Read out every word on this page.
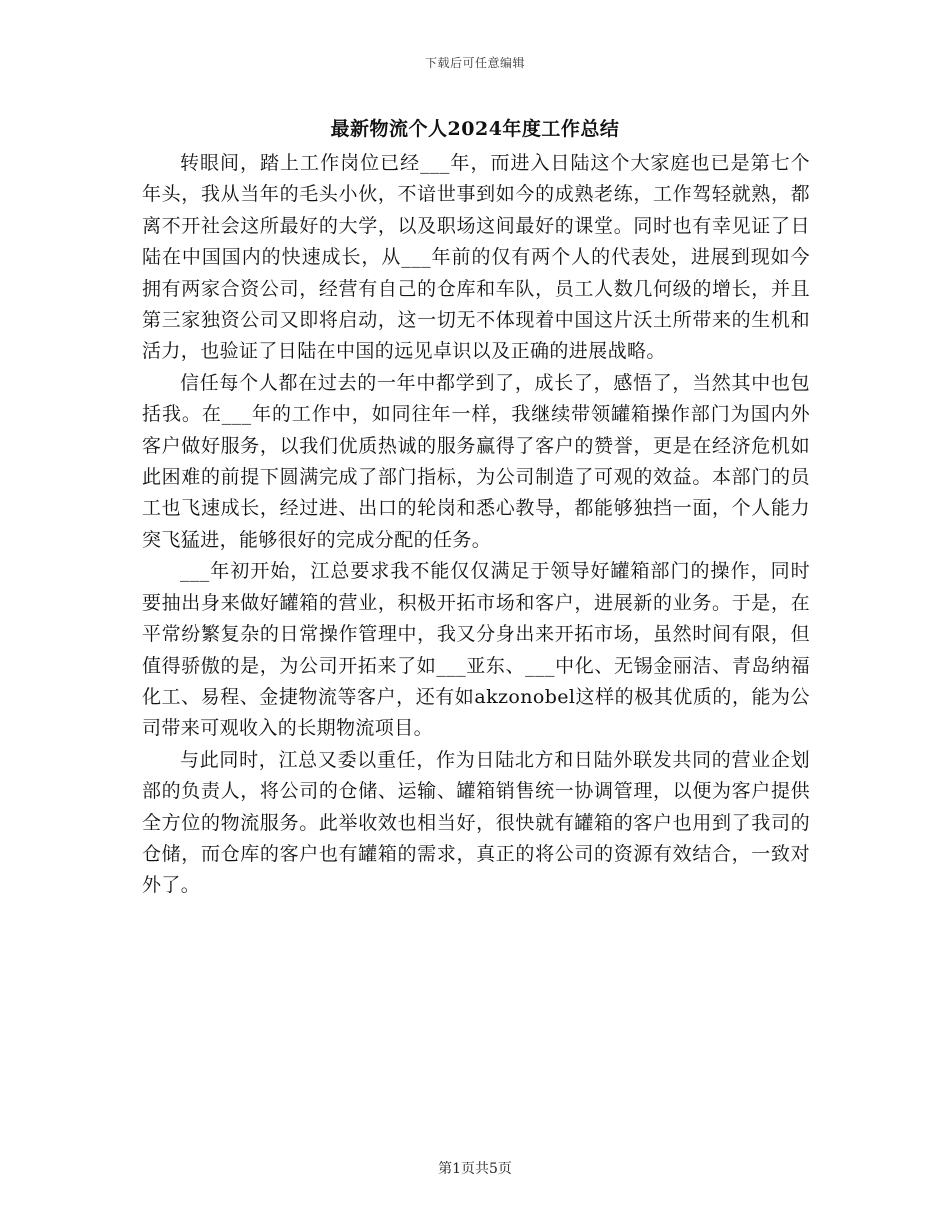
下载后可任意编辑
最新物流个人2024年度工作总结

转眼间，踏上工作岗位已经___年，而进入日陆这个大家庭也已是第七个年头，我从当年的毛头小伙，不谙世事到如今的成熟老练，工作驾轻就熟，都离不开社会这所最好的大学，以及职场这间最好的课堂。同时也有幸见证了日陆在中国国内的快速成长，从___年前的仅有两个人的代表处，进展到现如今拥有两家合资公司，经营有自己的仓库和车队，员工人数几何级的增长，并且第三家独资公司又即将启动，这一切无不体现着中国这片沃土所带来的生机和活力，也验证了日陆在中国的远见卓识以及正确的进展战略。

信任每个人都在过去的一年中都学到了，成长了，感悟了，当然其中也包括我。在___年的工作中，如同往年一样，我继续带领罐箱操作部门为国内外客户做好服务，以我们优质热诚的服务赢得了客户的赞誉，更是在经济危机如此困难的前提下圆满完成了部门指标，为公司制造了可观的效益。本部门的员工也飞速成长，经过进、出口的轮岗和悉心教导，都能够独挡一面，个人能力突飞猛进，能够很好的完成分配的任务。

___年初开始，江总要求我不能仅仅满足于领导好罐箱部门的操作，同时要抽出身来做好罐箱的营业，积极开拓市场和客户，进展新的业务。于是，在平常纷繁复杂的日常操作管理中，我又分身出来开拓市场，虽然时间有限，但值得骄傲的是，为公司开拓来了如___亚东、___中化、无锡金丽洁、青岛纳福化工、易程、金捷物流等客户，还有如akzonobel这样的极其优质的，能为公司带来可观收入的长期物流项目。

与此同时，江总又委以重任，作为日陆北方和日陆外联发共同的营业企划部的负责人，将公司的仓储、运输、罐箱销售统一协调管理，以便为客户提供全方位的物流服务。此举收效也相当好，很快就有罐箱的客户也用到了我司的仓储，而仓库的客户也有罐箱的需求，真正的将公司的资源有效结合，一致对外了。

第1页共5页
